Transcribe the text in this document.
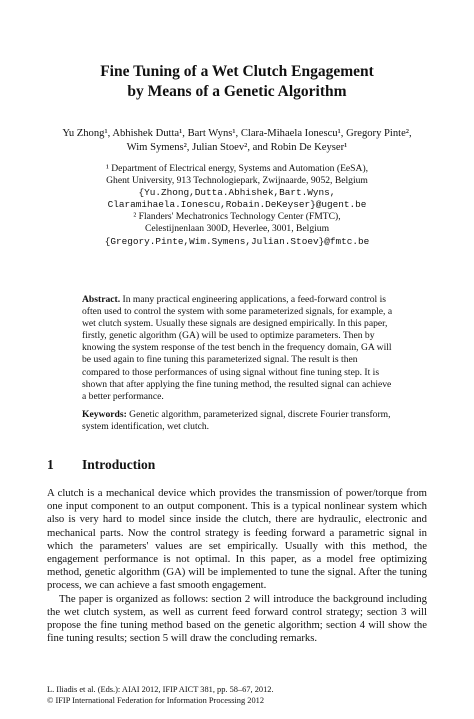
Fine Tuning of a Wet Clutch Engagement
by Means of a Genetic Algorithm
Yu Zhong¹, Abhishek Dutta¹, Bart Wyns¹, Clara-Mihaela Ionescu¹, Gregory Pinte²,
Wim Symens², Julian Stoev², and Robin De Keyser¹
¹ Department of Electrical energy, Systems and Automation (EeSA),
Ghent University, 913 Technologiepark, Zwijnaarde, 9052, Belgium
{Yu.Zhong,Dutta.Abhishek,Bart.Wyns,
Claramihaela.Ionescu,Robain.DeKeyser}@ugent.be
² Flanders' Mechatronics Technology Center (FMTC),
Celestijnenlaan 300D, Heverlee, 3001, Belgium
{Gregory.Pinte,Wim.Symens,Julian.Stoev}@fmtc.be
Abstract. In many practical engineering applications, a feed-forward control is often used to control the system with some parameterized signals, for example, a wet clutch system. Usually these signals are designed empirically. In this paper, firstly, genetic algorithm (GA) will be used to optimize parameters. Then by knowing the system response of the test bench in the frequency domain, GA will be used again to fine tuning this parameterized signal. The result is then compared to those performances of using signal without fine tuning step. It is shown that after applying the fine tuning method, the resulted signal can achieve a better performance.
Keywords: Genetic algorithm, parameterized signal, discrete Fourier transform, system identification, wet clutch.
1 Introduction

A clutch is a mechanical device which provides the transmission of power/torque from one input component to an output component. This is a typical nonlinear system which also is very hard to model since inside the clutch, there are hydraulic, electronic and mechanical parts. Now the control strategy is feeding forward a parametric signal in which the parameters' values are set empirically. Usually with this method, the engagement performance is not optimal. In this paper, as a model free optimizing method, genetic algorithm (GA) will be implemented to tune the signal. After the tuning process, we can achieve a fast smooth engagement.

The paper is organized as follows: section 2 will introduce the background including the wet clutch system, as well as current feed forward control strategy; section 3 will propose the fine tuning method based on the genetic algorithm; section 4 will show the fine tuning results; section 5 will draw the concluding remarks.

L. Iliadis et al. (Eds.): AIAI 2012, IFIP AICT 381, pp. 58–67, 2012.
© IFIP International Federation for Information Processing 2012
